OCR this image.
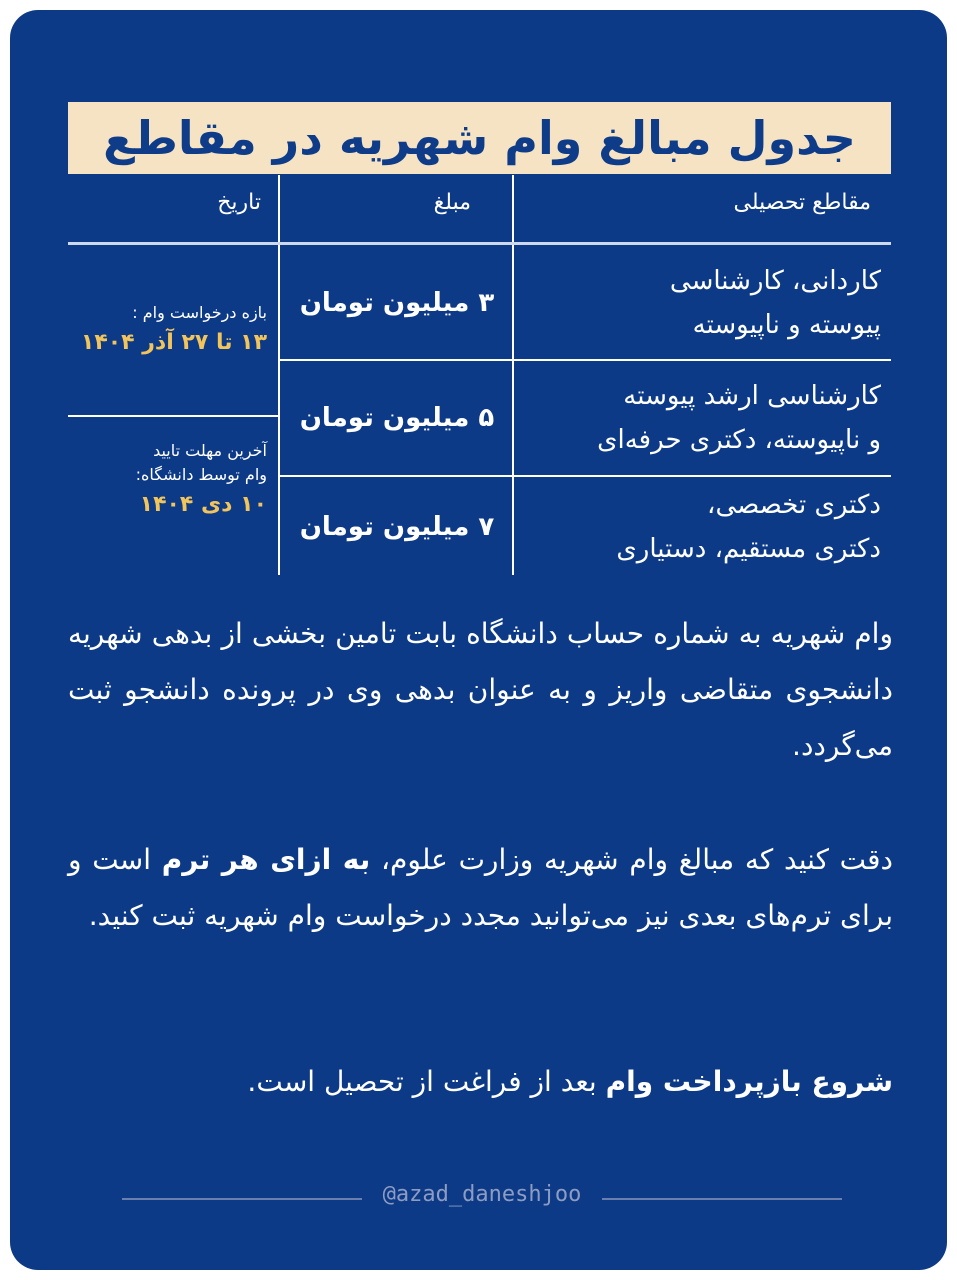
جدول مبالغ وام شهریه در مقاطع
مقاطع تحصیلی
مبلغ
تاریخ
کاردانی، کارشناسی
پیوسته و ناپیوسته
۳ میلیون تومان
کارشناسی ارشد پیوسته
و ناپیوسته، دکتری حرفه‌ای
۵ میلیون تومان
دکتری تخصصی،
دکتری مستقیم، دستیاری
۷ میلیون تومان
بازه درخواست وام :
۱۳ تا ۲۷ آذر ۱۴۰۴
آخرین مهلت تایید
وام توسط دانشگاه:
۱۰ دی ۱۴۰۴
وام شهریه به شماره حساب دانشگاه بابت تامین بخشی از بدهی شهریه دانشجوی متقاضی واریز و به عنوان بدهی وی در پرونده دانشجو ثبت می‌گردد.
دقت کنید که مبالغ وام شهریه وزارت علوم، به ازای هر ترم است و برای ترم‌های بعدی نیز می‌توانید مجدد درخواست وام شهریه ثبت کنید.
شروع بازپرداخت وام بعد از فراغت از تحصیل است.
@azad_daneshjoo
